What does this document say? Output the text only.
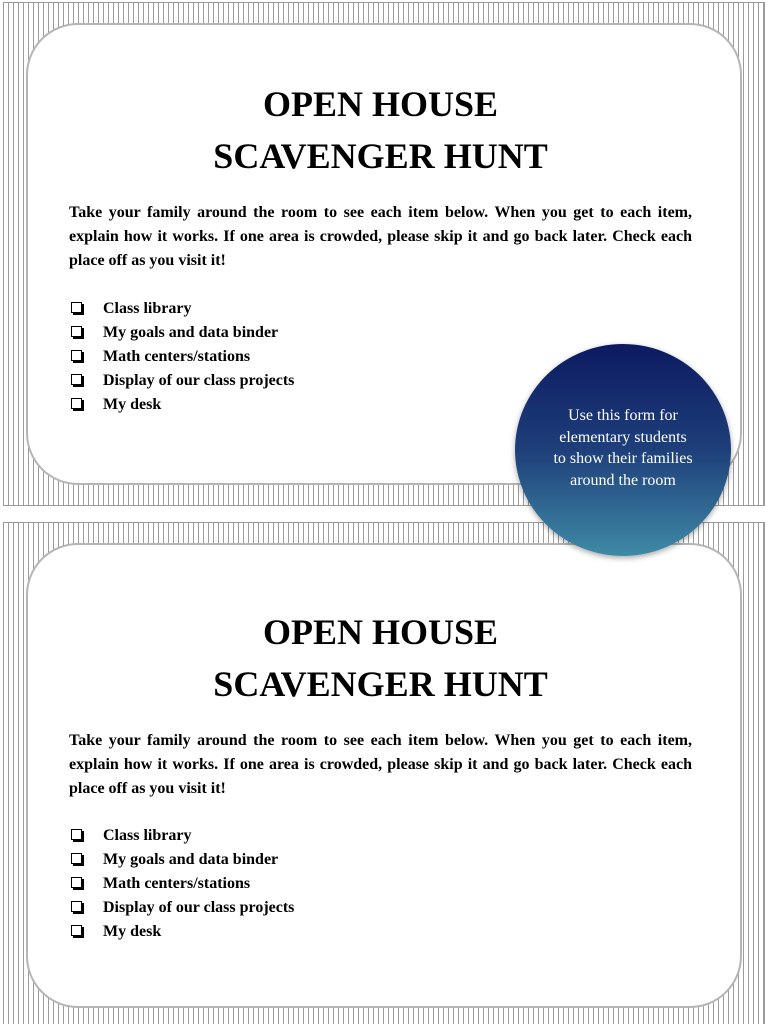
OPEN HOUSE
SCAVENGER HUNT

Take your family around the room to see each item below. When you get to each item, explain how it works. If one area is crowded, please skip it and go back later. Check each place off as you visit it!

Class library
My goals and data binder
Math centers/stations
Display of our class projects
My desk
OPEN HOUSE
SCAVENGER HUNT

Take your family around the room to see each item below. When you get to each item, explain how it works. If one area is crowded, please skip it and go back later. Check each place off as you visit it!

Class library
My goals and data binder
Math centers/stations
Display of our class projects
My desk
Use this form for elementary students to show their families around the room
